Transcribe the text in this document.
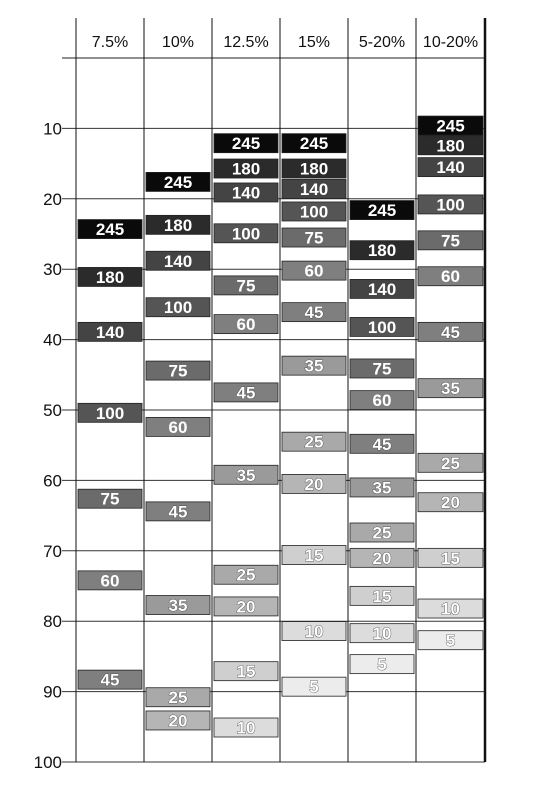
245
180
140
100
75
60
45
245
180
140
100
75
60
45
35
25
20
245
180
140
100
75
60
45
35
25
20
15
10
245
180
140
100
75
60
45
35
25
20
15
10
5
245
180
140
100
75
60
45
35
25
20
15
10
5
245
180
140
100
75
60
45
35
25
20
15
10
5
10
20
30
40
50
60
70
80
90
100
7.5% 10% 12.5% 15% 5-20% 10-20%
